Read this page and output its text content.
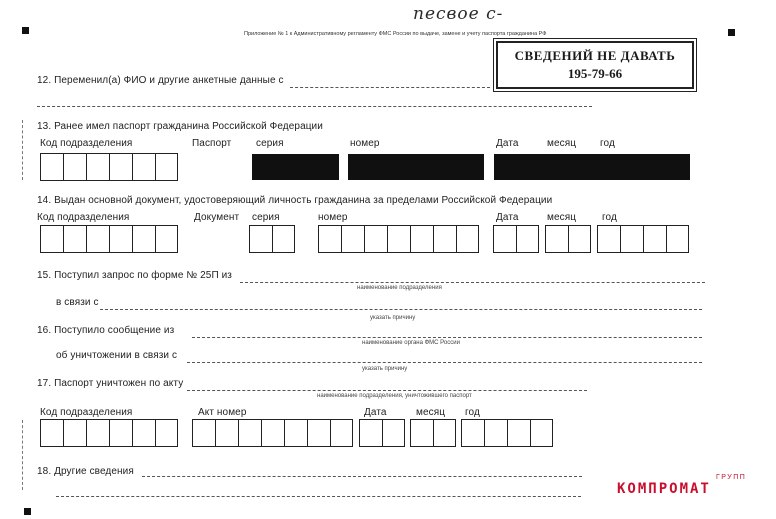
песвое с-
Приложение № 1 к Административному регламенту ФМС России по выдаче, замене и учету паспорта гражданина РФ
СВЕДЕНИЙ НЕ ДАВАТЬ
195-79-66
12. Переменил(а) ФИО и другие анкетные данные с
13. Ранее имел паспорт гражданина Российской Федерации
Код подразделения	Паспорт серия	номер	Дата	месяц год
14. Выдан основной документ, удостоверяющий личность гражданина за пределами Российской Федерации
Код подразделения	Документ серия	номер	Дата	месяц	год
15. Поступил запрос по форме № 25П из
наименование подразделения
в связи с
указать причину
16. Поступило сообщение из
наименование органа ФМС России
об уничтожении в связи с
указать причину
17. Паспорт уничтожен по акту
наименование подразделения, уничтожившего паспорт
Код подразделения	Акт номер	Дата	месяц год
18. Другие сведения
ГРУПП
КОМПРОМАТ
